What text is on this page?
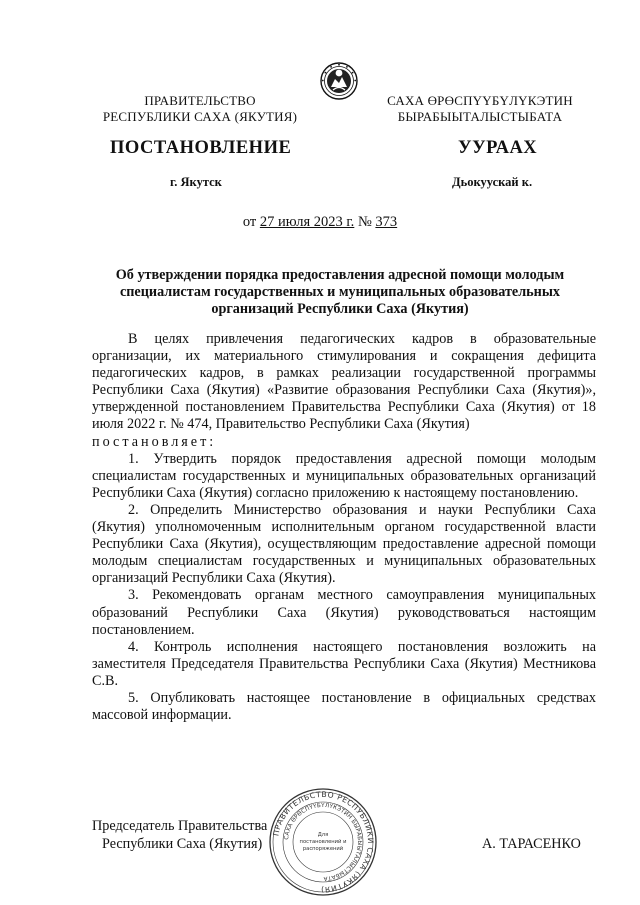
ПРАВИТЕЛЬСТВО
РЕСПУБЛИКИ САХА (ЯКУТИЯ)
САХА ӨРӨСПҮҮБҮЛҮКЭТИН
БЫРАБЫЫТАЛЫСТЫБАТА
ПОСТАНОВЛЕНИЕ	УУРААХ
г. Якутск	Дьокуускай к.
от 27 июля 2023 г. № 373
Об утверждении порядка предоставления адресной помощи молодым специалистам государственных и муниципальных образовательных организаций Республики Саха (Якутия)

В целях привлечения педагогических кадров в образовательные организации, их материального стимулирования и сокращения дефицита педагогических кадров, в рамках реализации государственной программы Республики Саха (Якутия) «Развитие образования Республики Саха (Якутия)», утвержденной постановлением Правительства Республики Саха (Якутия) от 18 июля 2022 г. № 474, Правительство Республики Саха (Якутия)

постановляет:

1. Утвердить порядок предоставления адресной помощи молодым специалистам государственных и муниципальных образовательных организаций Республики Саха (Якутия) согласно приложению к настоящему постановлению.

2. Определить Министерство образования и науки Республики Саха (Якутия) уполномоченным исполнительным органом государственной власти Республики Саха (Якутия), осуществляющим предоставление адресной помощи молодым специалистам государственных и муниципальных образовательных организаций Республики Саха (Якутия).

3. Рекомендовать органам местного самоуправления муниципальных образований Республики Саха (Якутия) руководствоваться настоящим постановлением.

4. Контроль исполнения настоящего постановления возложить на заместителя Председателя Правительства Республики Саха (Якутия) Местникова С.В.

5. Опубликовать настоящее постановление в официальных средствах массовой информации.

Председатель Правительства
Республики Саха (Якутия)	А. ТАРАСЕНКО
ПРАВИТЕЛЬСТВО РЕСПУБЛИКИ САХА (ЯКУТИЯ)
САХА ӨРӨСПҮҮБҮЛҮКЭТИН БЫРАБЫЫТАЛЫСТЫБАТА
Для
постановлений и
распоряжений
